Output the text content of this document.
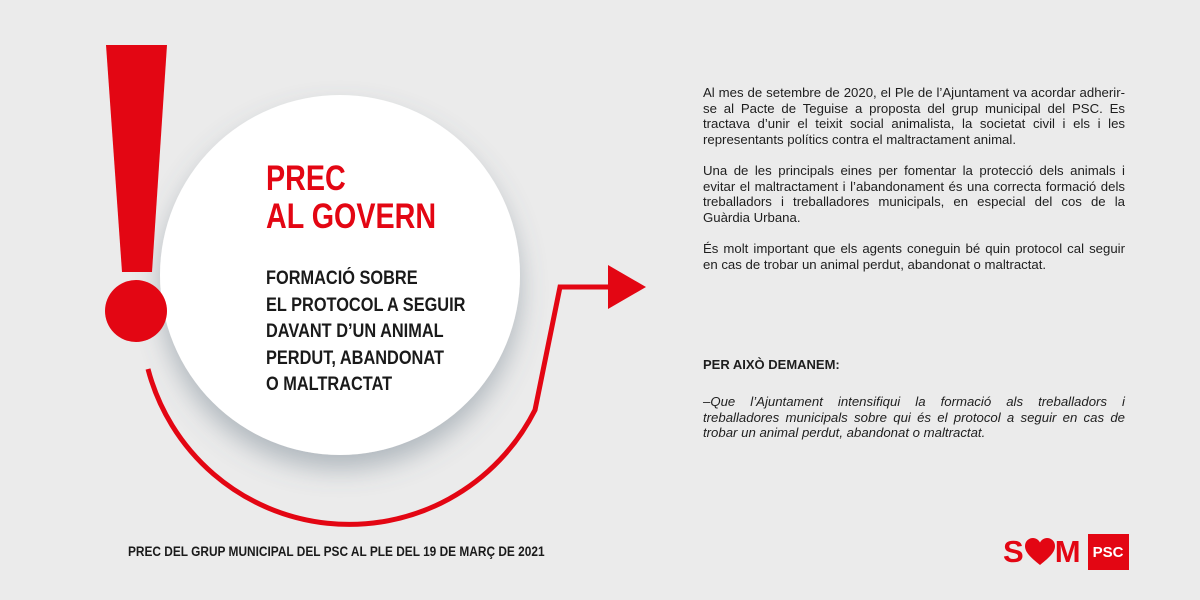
PREC
AL GOVERN
FORMACIÓ SOBRE
EL PROTOCOL A SEGUIR
DAVANT D’UN ANIMAL
PERDUT, ABANDONAT
O MALTRACTAT

Al mes de setembre de 2020, el Ple de l’Ajuntament va acordar adherir-se al Pacte de Teguise a proposta del grup municipal del PSC. Es tractava d’unir el teixit social animalista, la societat civil i els i les representants polítics contra el maltractament animal.

Una de les principals eines per fomentar la protecció dels animals i evitar el maltractament i l’abandonament és una correcta formació dels treballadors i treballadores municipals, en especial del cos de la Guàrdia Urbana.

És molt important que els agents coneguin bé quin protocol cal seguir en cas de trobar un animal perdut, abandonat o maltractat.

PER AIXÒ DEMANEM:

–Que l’Ajuntament intensifiqui la formació als treballadors i treballadores municipals sobre qui és el protocol a seguir en cas de trobar un animal perdut, abandonat o maltractat.

PREC DEL GRUP MUNICIPAL DEL PSC AL PLE DEL 19 DE MARÇ DE 2021	S M PSC
